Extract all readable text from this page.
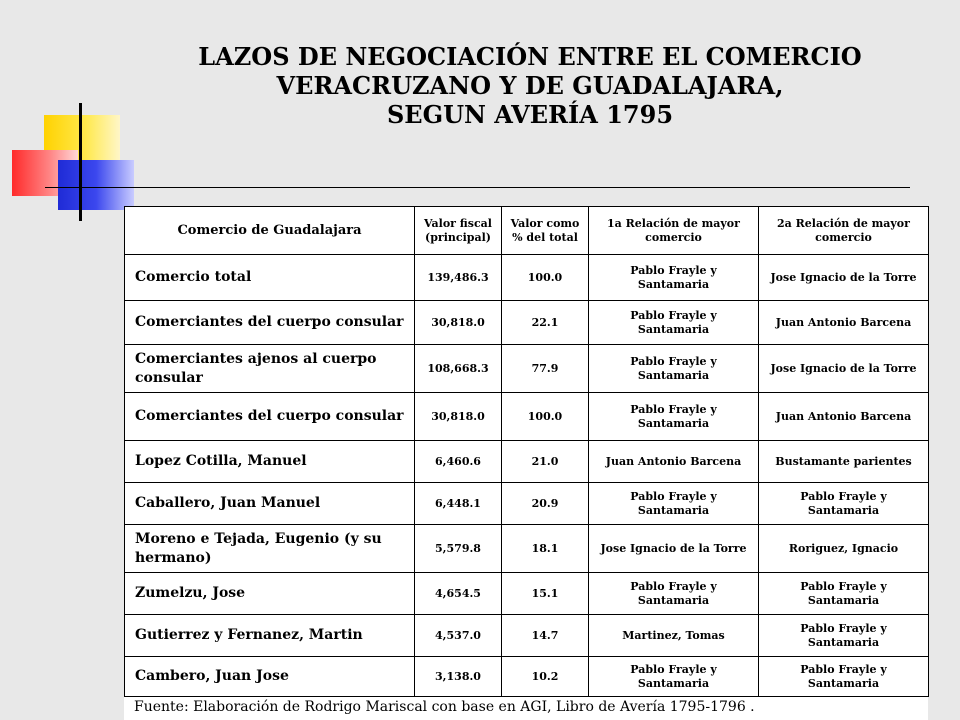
LAZOS DE NEGOCIACIÓN ENTRE EL COMERCIO
VERACRUZANO Y DE GUADALAJARA,
SEGUN AVERÍA 1795
Comercio de Guadalajara	Valor fiscal (principal)	Valor como % del total	1a Relación de mayor comercio	2a Relación de mayor comercio
Comercio total	139,486.3	100.0	Pablo Frayle y Santamaria	Jose Ignacio de la Torre
Comerciantes del cuerpo consular	30,818.0	22.1	Pablo Frayle y Santamaria	Juan Antonio Barcena
Comerciantes ajenos al cuerpo consular	108,668.3	77.9	Pablo Frayle y Santamaria	Jose Ignacio de la Torre
Comerciantes del cuerpo consular	30,818.0	100.0	Pablo Frayle y Santamaria	Juan Antonio Barcena
Lopez Cotilla, Manuel	6,460.6	21.0	Juan Antonio Barcena	Bustamante parientes
Caballero, Juan Manuel	6,448.1	20.9	Pablo Frayle y Santamaria	Pablo Frayle y Santamaria
Moreno e Tejada, Eugenio (y su hermano)	5,579.8	18.1	Jose Ignacio de la Torre	Roriguez, Ignacio
Zumelzu, Jose	4,654.5	15.1	Pablo Frayle y Santamaria	Pablo Frayle y Santamaria
Gutierrez y Fernanez, Martin	4,537.0	14.7	Martinez, Tomas	Pablo Frayle y Santamaria
Cambero, Juan Jose	3,138.0	10.2	Pablo Frayle y Santamaria	Pablo Frayle y Santamaria
Fuente: Elaboración de Rodrigo Mariscal con base en AGI, Libro de Avería 1795-1796 .
